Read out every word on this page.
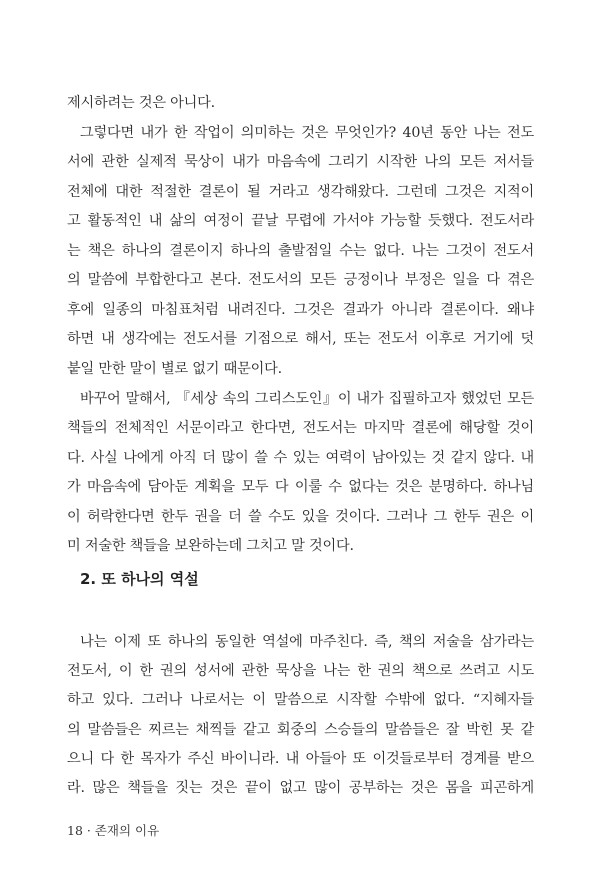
제시하려는 것은 아니다.
그렇다면 내가 한 작업이 의미하는 것은 무엇인가? 40년 동안 나는 전도
서에 관한 실제적 묵상이 내가 마음속에 그리기 시작한 나의 모든 저서들
전체에 대한 적절한 결론이 될 거라고 생각해왔다. 그런데 그것은 지적이
고 활동적인 내 삶의 여정이 끝날 무렵에 가서야 가능할 듯했다. 전도서라
는 책은 하나의 결론이지 하나의 출발점일 수는 없다. 나는 그것이 전도서
의 말씀에 부합한다고 본다. 전도서의 모든 긍정이나 부정은 일을 다 겪은
후에 일종의 마침표처럼 내려진다. 그것은 결과가 아니라 결론이다. 왜냐
하면 내 생각에는 전도서를 기점으로 해서, 또는 전도서 이후로 거기에 덧
붙일 만한 말이 별로 없기 때문이다.
바꾸어 말해서, 『세상 속의 그리스도인』이 내가 집필하고자 했었던 모든
책들의 전체적인 서문이라고 한다면, 전도서는 마지막 결론에 해당할 것이
다. 사실 나에게 아직 더 많이 쓸 수 있는 여력이 남아있는 것 같지 않다. 내
가 마음속에 담아둔 계획을 모두 다 이룰 수 없다는 것은 분명하다. 하나님
이 허락한다면 한두 권을 더 쓸 수도 있을 것이다. 그러나 그 한두 권은 이
미 저술한 책들을 보완하는데 그치고 말 것이다.
2. 또 하나의 역설
나는 이제 또 하나의 동일한 역설에 마주친다. 즉, 책의 저술을 삼가라는
전도서, 이 한 권의 성서에 관한 묵상을 나는 한 권의 책으로 쓰려고 시도
하고 있다. 그러나 나로서는 이 말씀으로 시작할 수밖에 없다. “지혜자들
의 말씀들은 찌르는 채찍들 같고 회중의 스승들의 말씀들은 잘 박힌 못 같
으니 다 한 목자가 주신 바이니라. 내 아들아 또 이것들로부터 경계를 받으
라. 많은 책들을 짓는 것은 끝이 없고 많이 공부하는 것은 몸을 피곤하게
18 · 존재의 이유
